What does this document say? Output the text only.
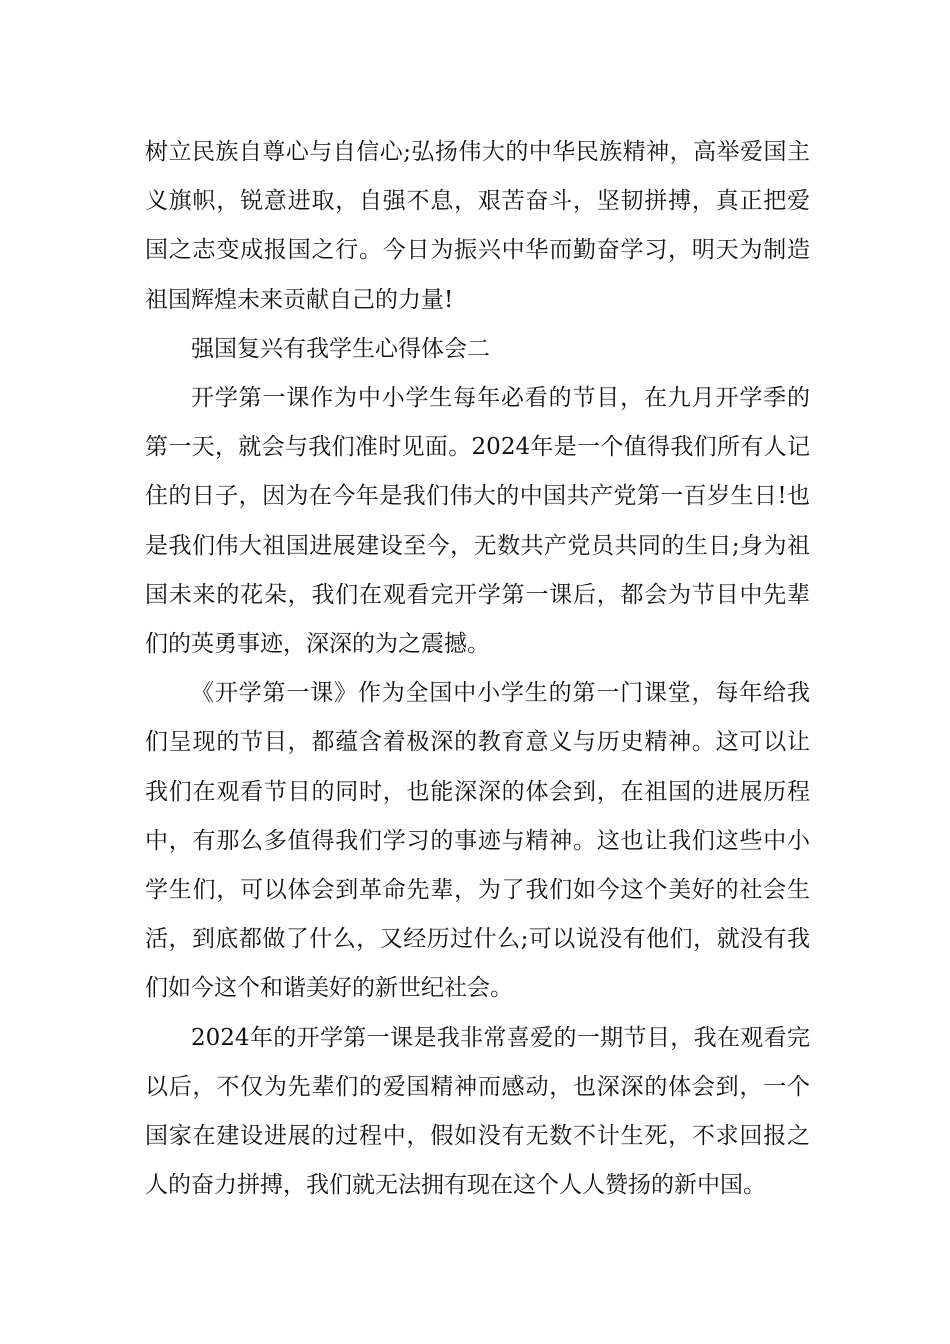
树立民族自尊心与自信心;弘扬伟大的中华民族精神，高举爱国主义旗帜，锐意进取，自强不息，艰苦奋斗，坚韧拼搏，真正把爱国之志变成报国之行。今日为振兴中华而勤奋学习，明天为制造祖国辉煌未来贡献自己的力量!

强国复兴有我学生心得体会二

开学第一课作为中小学生每年必看的节目，在九月开学季的第一天，就会与我们准时见面。2024年是一个值得我们所有人记住的日子，因为在今年是我们伟大的中国共产党第一百岁生日!也是我们伟大祖国进展建设至今，无数共产党员共同的生日;身为祖国未来的花朵，我们在观看完开学第一课后，都会为节目中先辈们的英勇事迹，深深的为之震撼。

《开学第一课》作为全国中小学生的第一门课堂，每年给我们呈现的节目，都蕴含着极深的教育意义与历史精神。这可以让我们在观看节目的同时，也能深深的体会到，在祖国的进展历程中，有那么多值得我们学习的事迹与精神。这也让我们这些中小学生们，可以体会到革命先辈，为了我们如今这个美好的社会生活，到底都做了什么，又经历过什么;可以说没有他们，就没有我们如今这个和谐美好的新世纪社会。

2024年的开学第一课是我非常喜爱的一期节目，我在观看完以后，不仅为先辈们的爱国精神而感动，也深深的体会到，一个国家在建设进展的过程中，假如没有无数不计生死，不求回报之人的奋力拼搏，我们就无法拥有现在这个人人赞扬的新中国。
